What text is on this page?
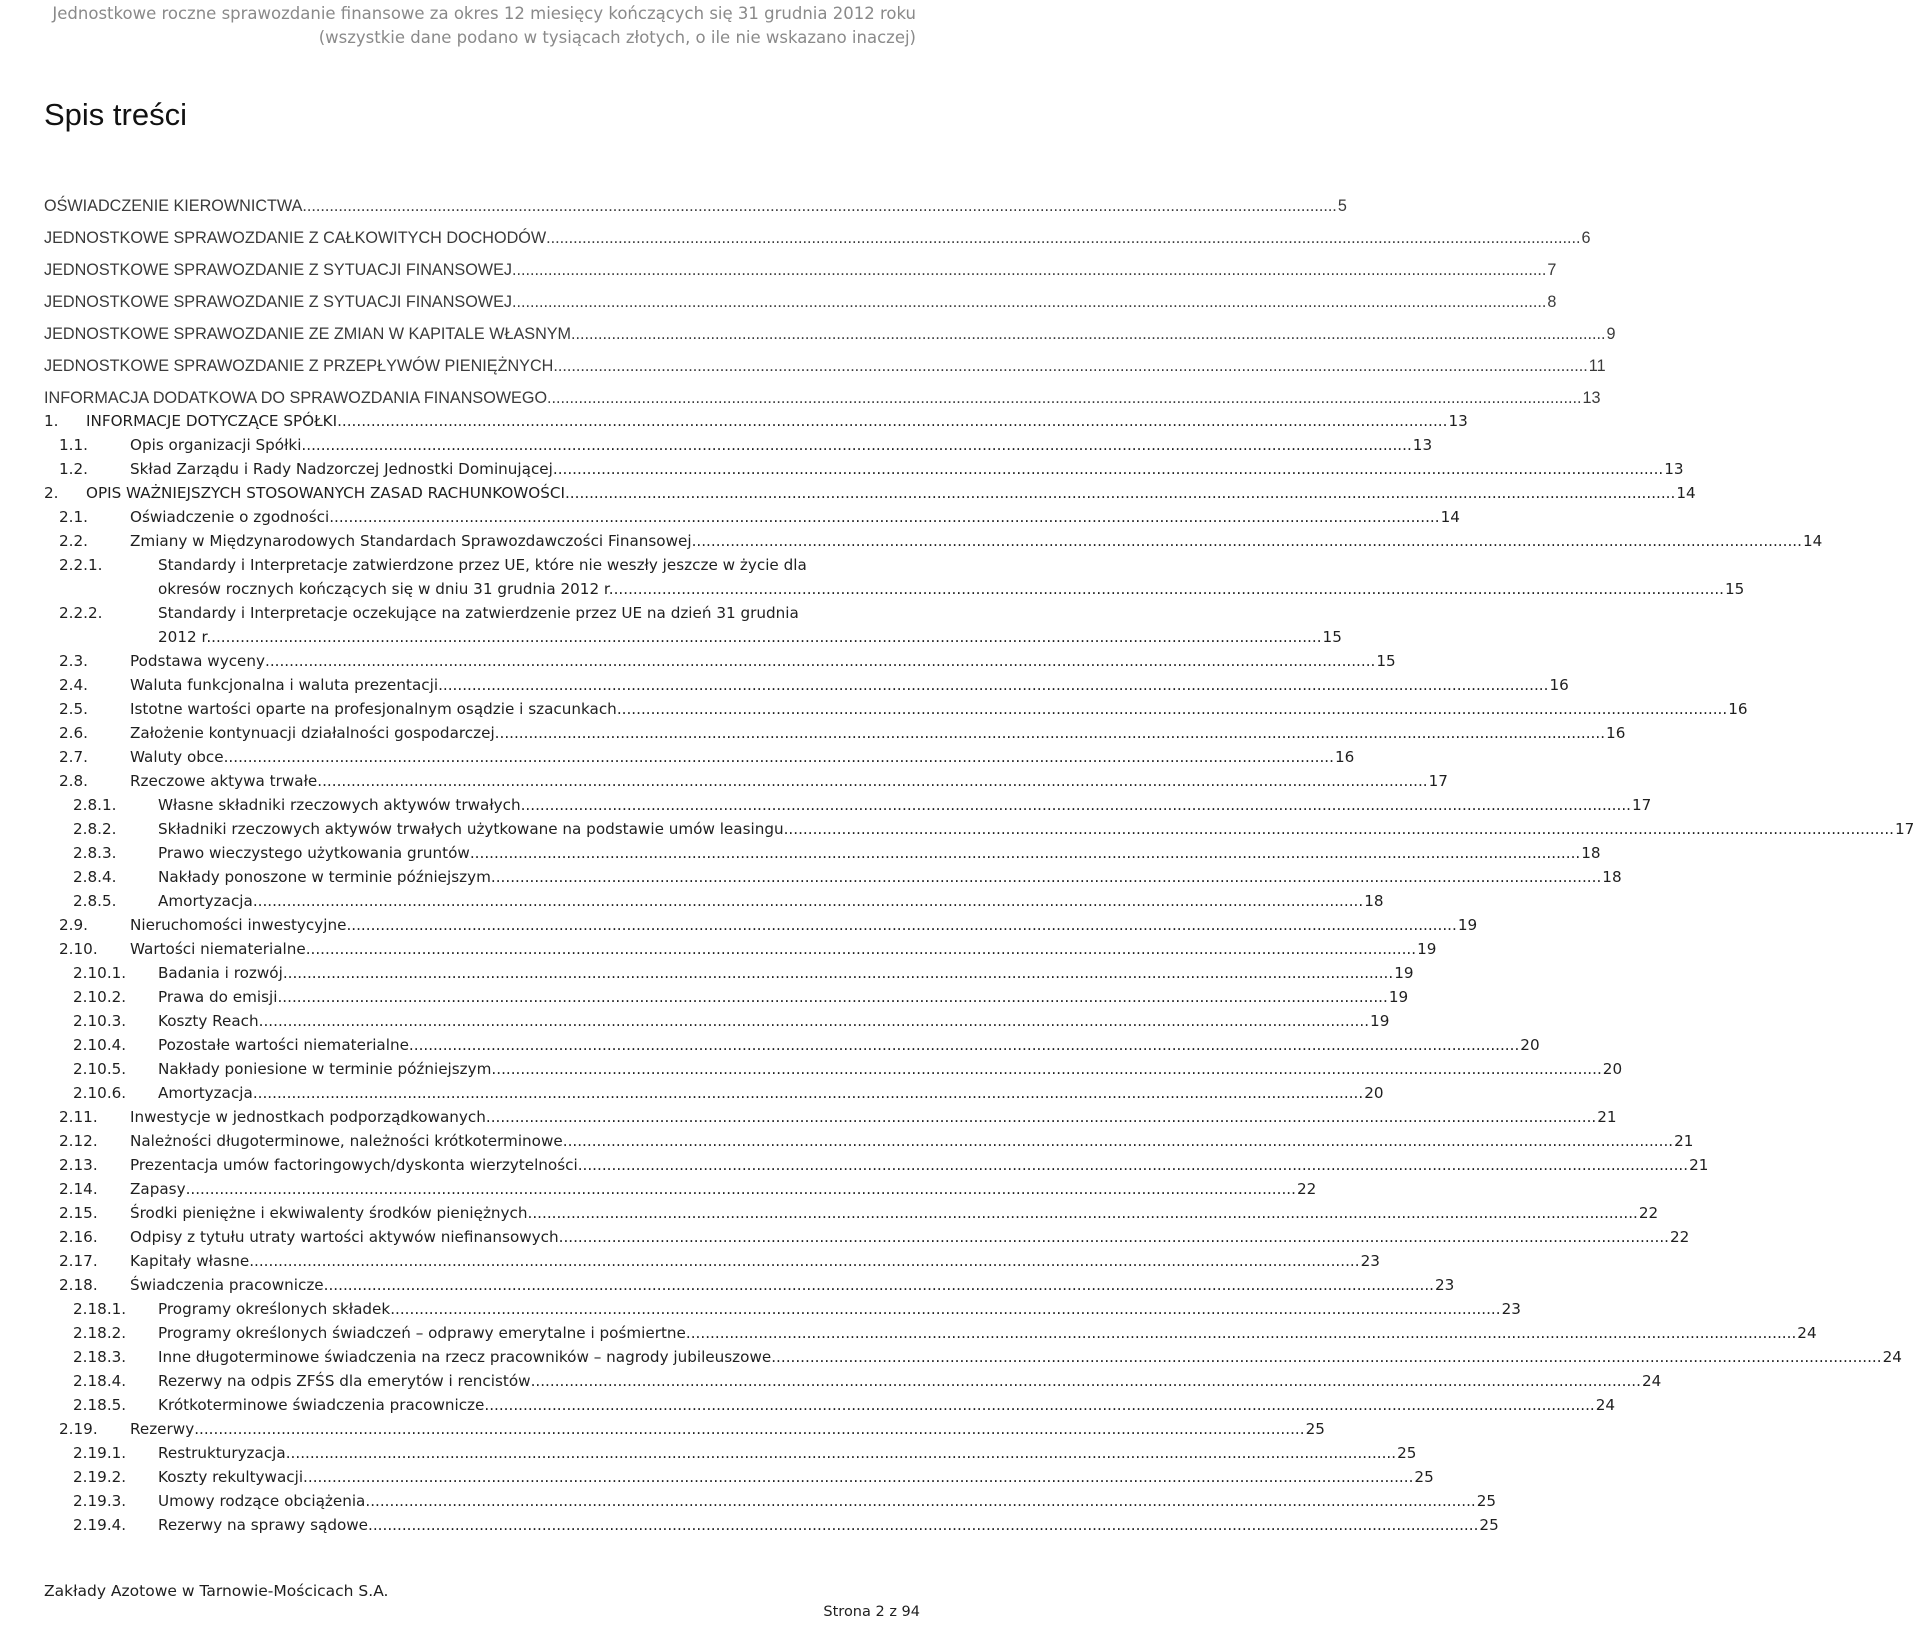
Jednostkowe roczne sprawozdanie finansowe za okres 12 miesięcy kończących się 31 grudnia 2012 roku
(wszystkie dane podano w tysiącach złotych, o ile nie wskazano inaczej)
Spis treści
OŚWIADCZENIE KIEROWNICTWA .....	5
JEDNOSTKOWE SPRAWOZDANIE Z CAŁKOWITYCH DOCHODÓW .....	6
JEDNOSTKOWE SPRAWOZDANIE Z SYTUACJI FINANSOWEJ .....	7
JEDNOSTKOWE SPRAWOZDANIE Z SYTUACJI FINANSOWEJ .....	8
JEDNOSTKOWE SPRAWOZDANIE ZE ZMIAN W KAPITALE WŁASNYM .....	9
JEDNOSTKOWE SPRAWOZDANIE Z PRZEPŁYWÓW PIENIĘŻNYCH .....	11
INFORMACJA DODATKOWA DO SPRAWOZDANIA FINANSOWEGO .....	13
1. INFORMACJE DOTYCZĄCE SPÓŁKI .....	13
1.1.	Opis organizacji Spółki .....	13
1.2.	Skład Zarządu i Rady Nadzorczej Jednostki Dominującej .....	13
2. OPIS WAŻNIEJSZYCH STOSOWANYCH ZASAD RACHUNKOWOŚCI .....	14
2.1.	Oświadczenie o zgodności .....	14
2.2.	Zmiany w Międzynarodowych Standardach Sprawozdawczości Finansowej .....	14
2.2.1.	Standardy i Interpretacje zatwierdzone przez UE, które nie weszły jeszcze w życie dla
okresów rocznych kończących się w dniu 31 grudnia 2012 r. .....	15
2.2.2.	Standardy i Interpretacje oczekujące na zatwierdzenie przez UE na dzień 31 grudnia
2012 r. .....	15
2.3.	Podstawa wyceny .....	15
2.4.	Waluta funkcjonalna i waluta prezentacji .....	16
2.5.	Istotne wartości oparte na profesjonalnym osądzie i szacunkach .....	16
2.6.	Założenie kontynuacji działalności gospodarczej .....	16
2.7.	Waluty obce .....	16
2.8.	Rzeczowe aktywa trwałe .....	17
2.8.1.	Własne składniki rzeczowych aktywów trwałych .....	17
2.8.2.	Składniki rzeczowych aktywów trwałych użytkowane na podstawie umów leasingu .....	17
2.8.3.	Prawo wieczystego użytkowania gruntów .....	18
2.8.4.	Nakłady ponoszone w terminie późniejszym .....	18
2.8.5.	Amortyzacja .....	18
2.9.	Nieruchomości inwestycyjne .....	19
2.10. Wartości niematerialne .....	19
2.10.1. Badania i rozwój .....	19
2.10.2. Prawa do emisji .....	19
2.10.3. Koszty Reach .....	19
2.10.4. Pozostałe wartości niematerialne .....	20
2.10.5. Nakłady poniesione w terminie późniejszym .....	20
2.10.6. Amortyzacja .....	20
2.11. Inwestycje w jednostkach podporządkowanych .....	21
2.12. Należności długoterminowe, należności krótkoterminowe .....	21
2.13. Prezentacja umów factoringowych/dyskonta wierzytelności .....	21
2.14. Zapasy .....	22
2.15. Środki pieniężne i ekwiwalenty środków pieniężnych .....	22
2.16. Odpisy z tytułu utraty wartości aktywów niefinansowych .....	22
2.17. Kapitały własne .....	23
2.18. Świadczenia pracownicze .....	23
2.18.1. Programy określonych składek .....	23
2.18.2. Programy określonych świadczeń – odprawy emerytalne i pośmiertne .....	24
2.18.3. Inne długoterminowe świadczenia na rzecz pracowników – nagrody jubileuszowe .....	24
2.18.4. Rezerwy na odpis ZFŚS dla emerytów i rencistów .....	24
2.18.5. Krótkoterminowe świadczenia pracownicze .....	24
2.19. Rezerwy .....	25
2.19.1. Restrukturyzacja .....	25
2.19.2. Koszty rekultywacji .....	25
2.19.3. Umowy rodzące obciążenia .....	25
2.19.4. Rezerwy na sprawy sądowe .....	25
Zakłady Azotowe w Tarnowie-Mościcach S.A.
Strona 2 z 94
